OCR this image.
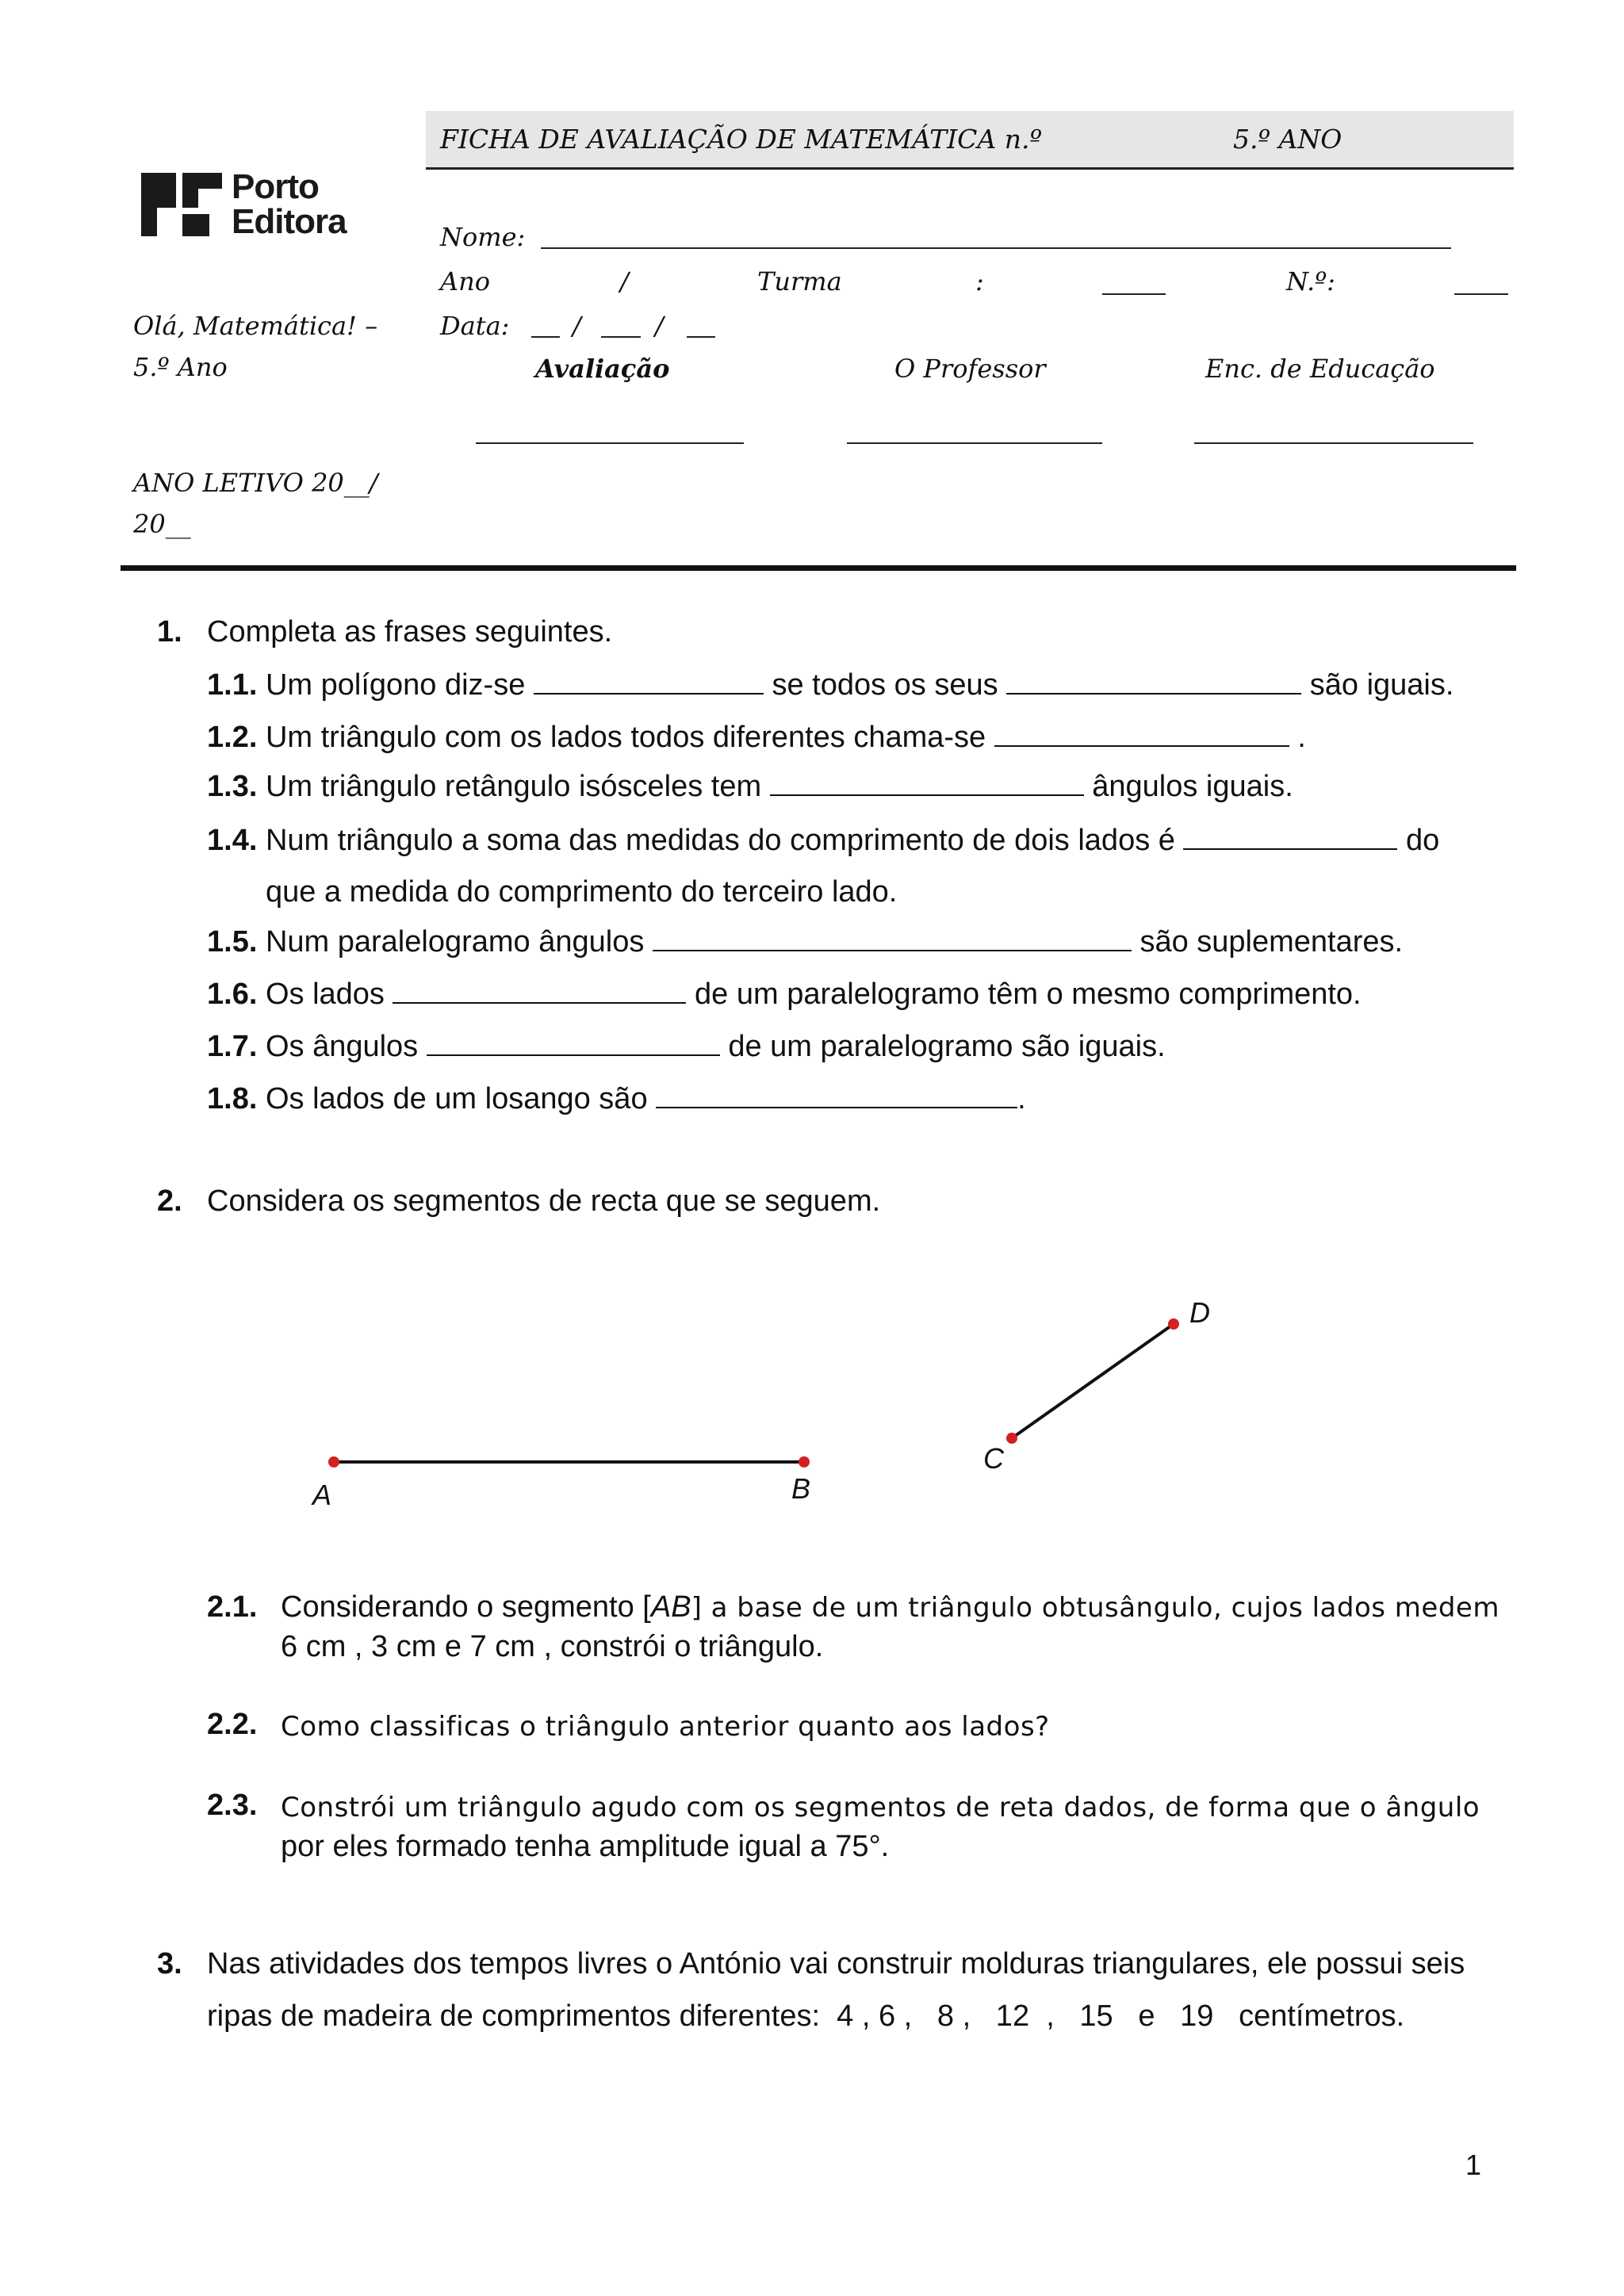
FICHA DE AVALIAÇÃO DE MATEMÁTICA n.º	5.º ANO
Porto
Editora
Olá, Matemática! –
5.º Ano
ANO LETIVO 20__/
20__
Nome:
Ano	/	Turma	:	N.º:
Data: /	/
Avaliação	O Professor	Enc. de Educação
1. Completa as frases seguintes.
1.1. Um polígono diz-se	se todos os seus	são iguais.
1.2. Um triângulo com os lados todos diferentes chama-se	.
1.3. Um triângulo retângulo isósceles tem	ângulos iguais.
1.4. Num triângulo a soma das medidas do comprimento de dois lados é	do
que a medida do comprimento do terceiro lado.
1.5. Num paralelogramo ângulos	são suplementares.
1.6. Os lados	de um paralelogramo têm o mesmo comprimento.
1.7. Os ângulos	de um paralelogramo são iguais.
1.8. Os lados de um losango são	.
2. Considera os segmentos de recta que se seguem.
A	B
C
D
2.1. Considerando o segmento [AB] a base de um triângulo obtusângulo, cujos lados medem
6 cm , 3 cm e 7 cm , constrói o triângulo.
2.2. Como classificas o triângulo anterior quanto aos lados?
2.3. Constrói um triângulo agudo com os segmentos de reta dados, de forma que o ângulo
por eles formado tenha amplitude igual a 75°.
3. Nas atividades dos tempos livres o António vai construir molduras triangulares, ele possui seis
ripas de madeira de comprimentos diferentes:  4 , 6 ,   8 ,   12  ,   15   e   19   centímetros.
1
